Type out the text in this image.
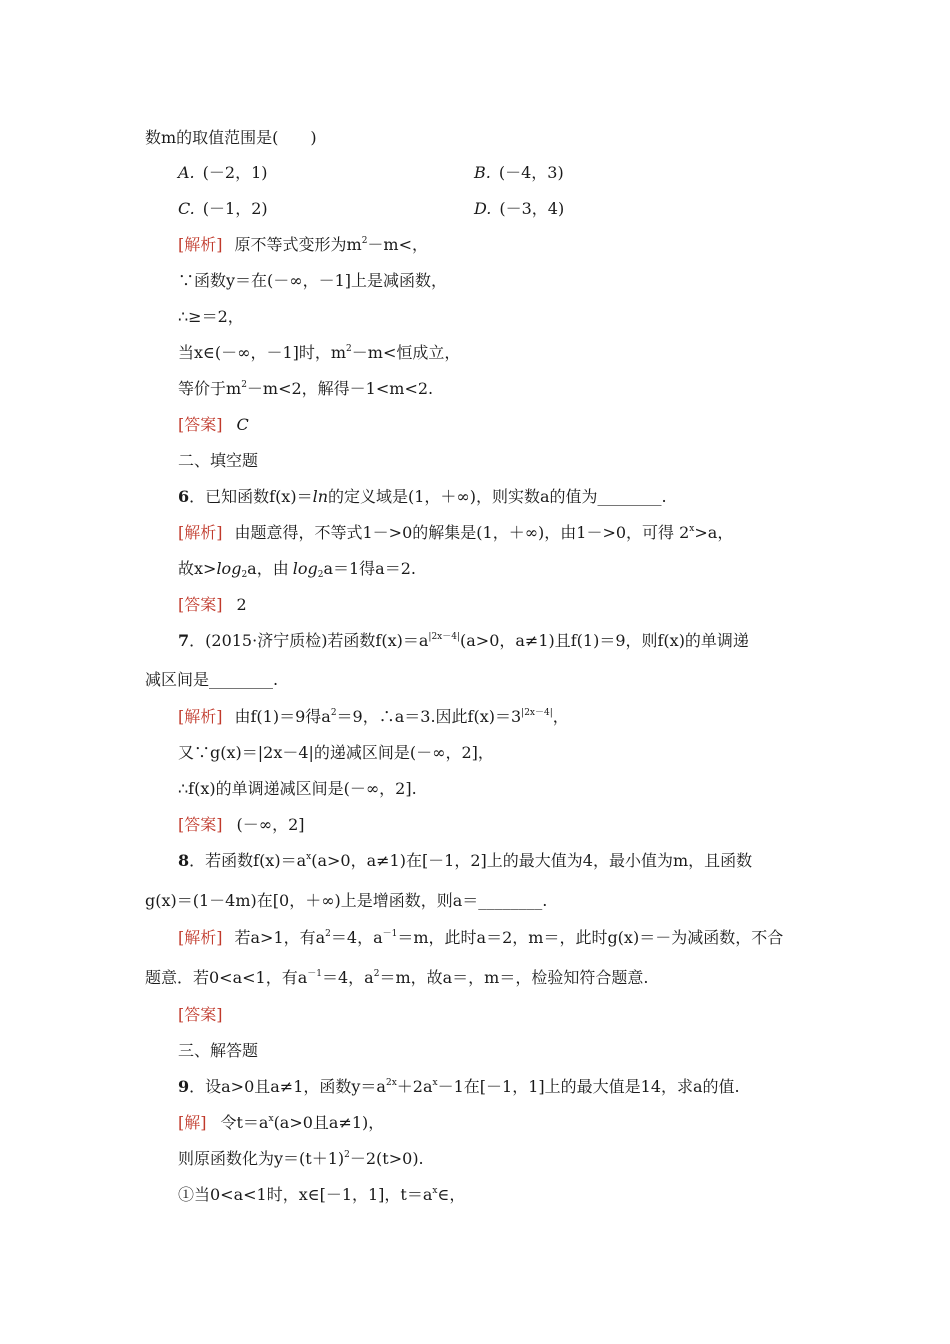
数m的取值范围是(　　)
A. (－2，1)	B. (－4，3)
C. (－1，2)	D. (－3，4)
[解析] 原不等式变形为$m^2-m<$，
∵函数y＝在(－∞，－1]上是减函数，
∴≥＝2，
当x∈(－∞，－1]时，$m^2-m<$恒成立，
等价于$m^2-m<2$，解得－1<m<2.
[答案] C
二、填空题
6．已知函数f(x)＝ln的定义域是(1，＋∞)，则实数a的值为________.
[解析] 由题意得，不等式1－>0的解集是(1，＋∞)，由1－>0，可得 $2^x>a$，
故$x>\log_2a$，由 $\log_2a=1$得a＝2.
[答案] 2
7．(2015·济宁质检)若函数$f(x)=a^{|2x-4|}(a>0$，a≠1)且f(1)＝9，则f(x)的单调递
减区间是________.
[解析] 由f(1)＝9得$a^2=9$，∴a＝3.因此$f(x)=3^{|2x-4|}$，
又∵g(x)＝|2x－4|的递减区间是(－∞，2]，
∴f(x)的单调递减区间是(－∞，2].
[答案] (－∞，2]
8．若函数$f(x)=a^x(a>0$，a≠1)在[－1，2]上的最大值为4，最小值为m，且函数
g(x)＝(1－4m)在[0，＋∞)上是增函数，则a＝________.
[解析] 若a>1，有$a^2=4$，$a^{-1}=m$，此时a＝2，m＝，此时g(x)＝－为减函数，不合
题意．若0<a<1，有$a^{-1}=4$，$a^2=m$，故a＝，m＝，检验知符合题意.
[答案]
三、解答题
9．设a>0且a≠1，函数$y=a^{2x}+2a^x-1$在[－1，1]上的最大值是14，求a的值.
[解] 令$t=a^x(a>0$且a≠1)，
则原函数化为$y=(t+1)^2-2(t>0)$.
①当0<a<1时，x∈[－1，1]，$t=a^x\in$，
